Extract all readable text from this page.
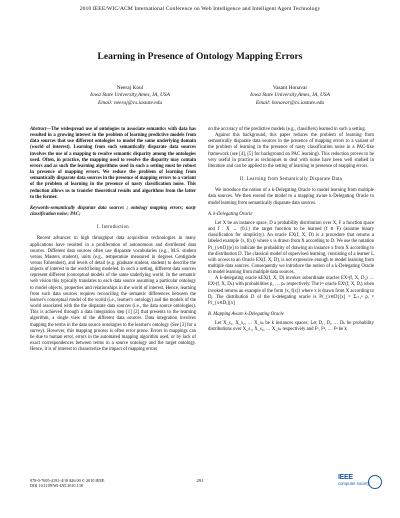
2010 IEEE/WIC/ACM International Conference on Web Intelligence and Intelligent Agent Technology
Learning in Presence of Ontology Mapping Errors
Neeraj Koul
Iowa State University,Ames, IA, USA
Email: neeraj@cs.iastate.edu
Vasant Honavar
Iowa State University,Ames, IA, USA
Email: honavar@cs.iastate.edu
Abstract—The widespread use of ontologies to associate semantics with data has resulted in a growing interest in the problem of learning predictive models from data sources that use different ontologies to model the same underlying domain (world of interest). Learning from such semantically disparate data sources involves the use of a mapping to resolve semantic disparity among the ontologies used. Often, in practice, the mapping used to resolve the disparity may contain errors and as such the learning algorithms used in such a setting must be robust in presence of mapping errors. We reduce the problem of learning from semantically disparate data sources in the presence of mapping errors to a variant of the problem of learning in the presence of nasty classification noise. This reduction allows us to transfer theoretical results and algorithms from the latter to the former.
Keywords-semantically disparate data sources ; ontology mapping errors; nasty classification noise; PAC;
I. Introduction

Recent advances in high throughput data acquisition technologies in many applications have resulted in a proliferation of autonomous and distributed data sources. Different data sources often use disparate vocabularies (e.g., M.S. student versus Masters student), units (e.g., temperature measured in degrees Centigrade versus Fahrenheit), and levels of detail (e.g. graduate student, student) to describe the objects of interest in the world being modeled. In such a setting, different data sources represent different (conceptual models of the same underlying world. In the semantic web vision this typically translates to each data source assuming a particular ontology to model objects, properties and relationships in the world of interest. Hence, learning from such data sources requires reconciling the semantic differences between the learner's conceptual model of the world (i.e., learner's ontology) and the models of the world associated with the the disparate data sources (i.e., the data source ontologies). This is achieved through a data integration step [1] [2] that presents to the learning algorithm, a single view of the different data sources. Data integration involves mapping the terms in the data source ontologies to the learner's ontology (See [3] for a survey). However, this mapping process is often error prone. Errors in mappings can be due to human error, errors in the automated mapping algorithm used, or by lack of exact correspondences between terms in a source ontology and the target ontology. Hence, it is of interest to characterize the impact of mapping errors

on the accuracy of the predictive models (e.g., classifiers) learned in such a setting.

Against this background, this paper reduces the problem of learning from semantically disparate data sources in the presence of mapping errors to a variant of the problem of learning in the presence of nasty classification noise in a PAC-like framework (see [4], [5] for background on PAC learning). This reduction proves to be very useful in practice as techniques to deal with noise have been well studied in literature and can be applied to the setting of learning in presence of mapping errors.

II. Learning from Semantically Disparate Data

We introduce the notion of a k-Delegating Oracle to model learning from multiple data sources. We then extend the model to a mapping aware k-Delegating Oracle to model learning from semantically disparate data sources.

A. k-Delegating Oracle

Let X be an instance space, D a probability distribution over X, F a function space and f : X → {0,1} the target function to be learned (f ∈ F) (assume binary classification for simplicity). An oracle EX(f, X, D) is a procedure that returns a labeled example ⟨x, f(x)⟩ where x is drawn from X according to D. We use the notation Pr_{x∈D}[e] to indicate the probability of drawing an instance x from X according to the distribution D. The classical model of supervised learning, consisting of a learner L with access to an Oracle EX(f, X, D), is not expressive enough to model learning from multiple data sources. Consequently we introduce the notion of a k-Delegating Oracle to model learning from multiple data sources.

A k-delegating oracle kEX(f, X, D) invokes subordinate oracles EX¹(f, X, D₁) … EXᵏ(f, X, Dₖ) with probabilities p₁ … pₖ respectively. The iᵗʰ oracle EXⁱ(f, X, Dᵢ) when invoked returns an example of the form ⟨x, f(x)⟩ where x is drawn from X according to Dᵢ. The distribution D of the k-delegating oracle is Pr_{x∈D}[x] = Σᵢ₌₁ᵏ pᵢ × Pr_{x∈Dᵢ}[x]

B. Mapping Aware k-Delegating Oracle

Let X_s₁, X_s₂, … X_sₖ be k instances spaces; Let D₁, D₂ … Dₖ be probability distributions over X_s₁, X_s₂, … X_sₖ respectively and F¹, F², … Fᵏ be k

978-0-7695-4191-4/10 $26.00 © 2010 IEEE
DOI 10.1109/WI-IAT.2010.138
291	IEEE
computer society
